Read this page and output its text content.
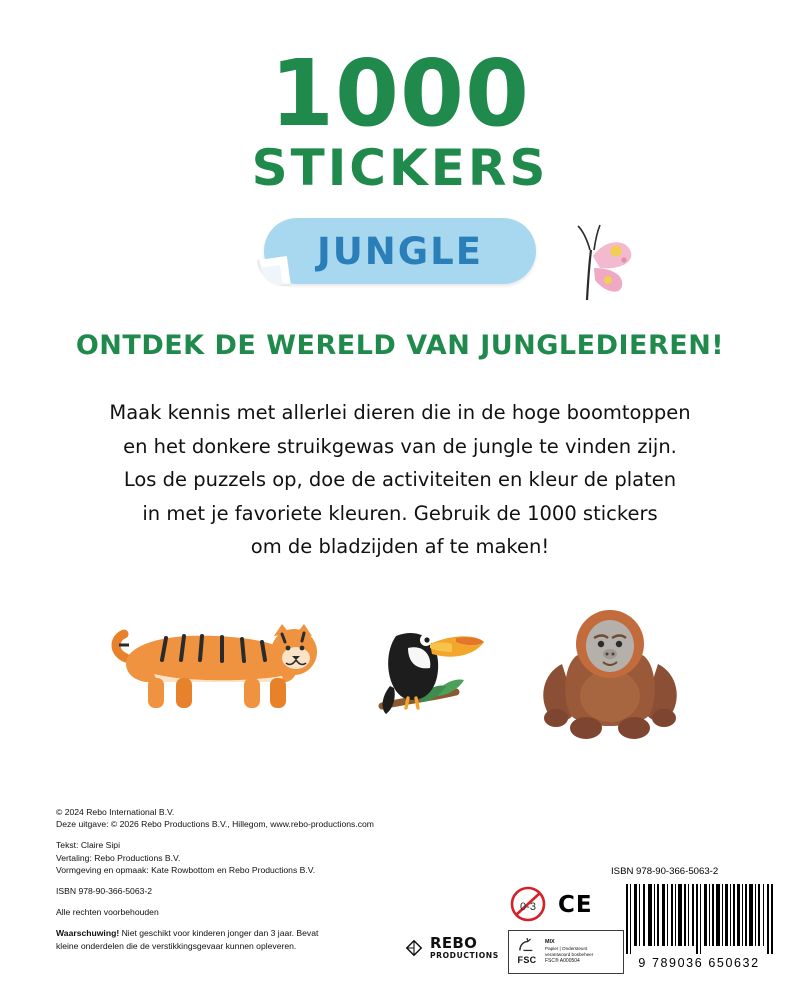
1000
STICKERS
JUNGLE
ONTDEK DE WERELD VAN JUNGLEDIEREN!
Maak kennis met allerlei dieren die in de hoge boomtoppen
en het donkere struikgewas van de jungle te vinden zijn.
Los de puzzels op, doe de activiteiten en kleur de platen
in met je favoriete kleuren. Gebruik de 1000 stickers
om de bladzijden af te maken!
© 2024 Rebo International B.V.
Deze uitgave: © 2026 Rebo Productions B.V., Hillegom, www.rebo-productions.com
Tekst: Claire Sipi
Vertaling: Rebo Productions B.V.
Vormgeving en opmaak: Kate Rowbottom en Rebo Productions B.V.
ISBN 978-90-366-5063-2
Alle rechten voorbehouden
Waarschuwing! Niet geschikt voor kinderen jonger dan 3 jaar. Bevat
kleine onderdelen die de verstikkingsgevaar kunnen opleveren.
ISBN 978-90-366-5063-2
0-3 CE
FSC
MIX
Papier | Ondersteunt
verantwoord bosbeheer
FSC® A000504
REBO
PRODUCTIONS
9 789036 650632
